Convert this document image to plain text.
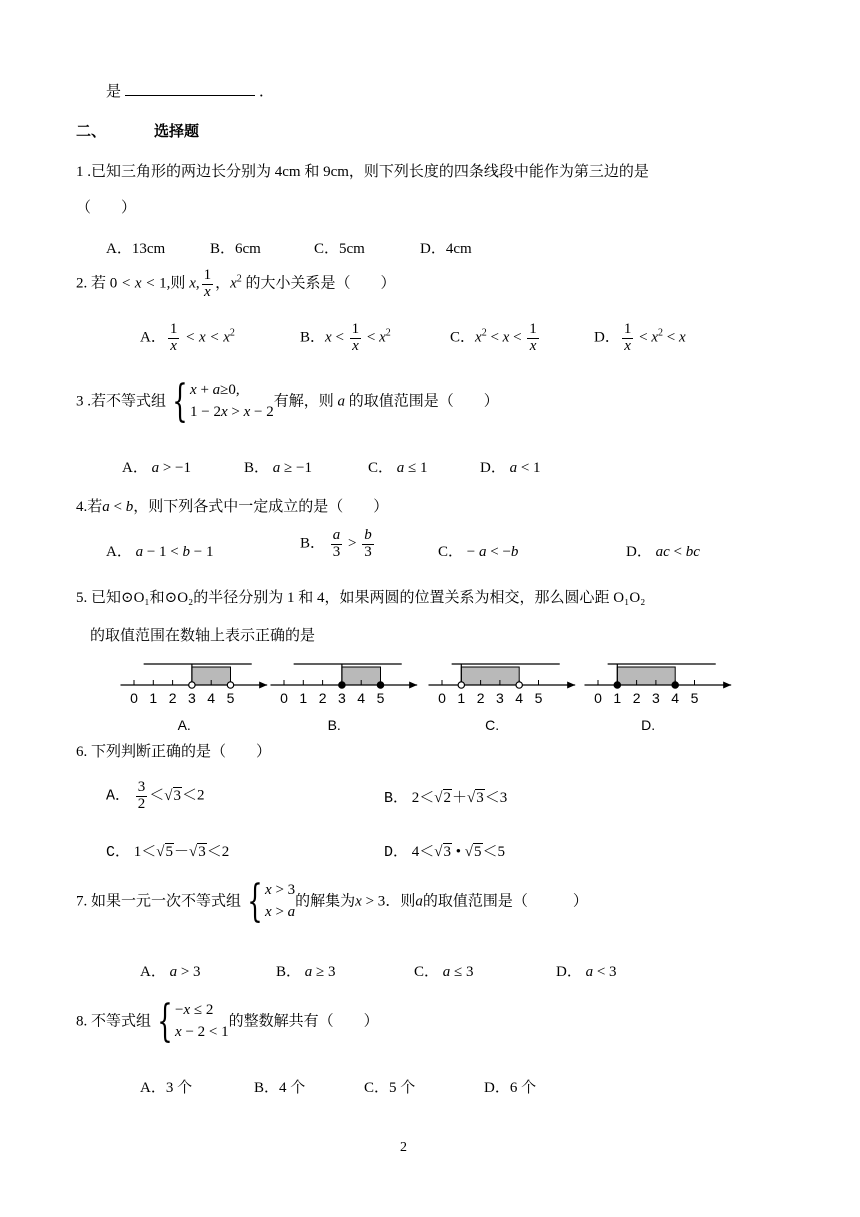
是	．
二、	选择题
1 .已知三角形的两边长分别为 4cm 和 9cm，则下列长度的四条线段中能作为第三边的是
（　　）
A．13cm	B．6cm	C．5cm	D．4cm
2. 若 0 < x < 1,则 x, $\frac{1}{x}$ ，$x^2$ 的大小关系是（　　）
A． $\frac{1}{x} < x < x^2$	B．$x < \frac{1}{x} < x^2$	C．$x^2 < x < \frac{1}{x}$	D． $\frac{1}{x} < x^2 < x$
3 .若不等式组 { x + a≥0,
1 − 2x > x − 2
有解，则 a 的取值范围是（　　）
A． a > −1	B． a ≥ −1	C． a ≤ 1	D． a < 1
4.若a < b，则下列各式中一定成立的是（　　）
A． a − 1 < b − 1
B． $\frac{a}{3} > \frac{b}{3}$	C． − a < −b	D． ac < bc
5. 已知⊙O₁和⊙O₂的半径分别为 1 和 4，如果两圆的位置关系为相交，那么圆心距 O₁O₂
的取值范围在数轴上表示正确的是
0 1 2 3 4 5
A.
0 1 2 3 4 5
B.
0 1 2 3 4 5
C.
0 1 2 3 4 5
D.
6. 下列判断正确的是（　　）
A． $\frac{3}{2} <√3<2$	B． 2＜√2＋√3＜3
C． 1＜√5－√3＜2	D． 4＜√3 • √5＜5
7. 如果一元一次不等式组 { x > 3
x > a
的解集为x > 3．则a的取值范围是（　　　）
A． a > 3	B． a ≥ 3	C． a ≤ 3	D． a < 3
8. 不等式组 { −x ≤ 2
x − 2 < 1
的整数解共有（　　）
A．3 个	B．4 个	C．5 个	D．6 个
2
